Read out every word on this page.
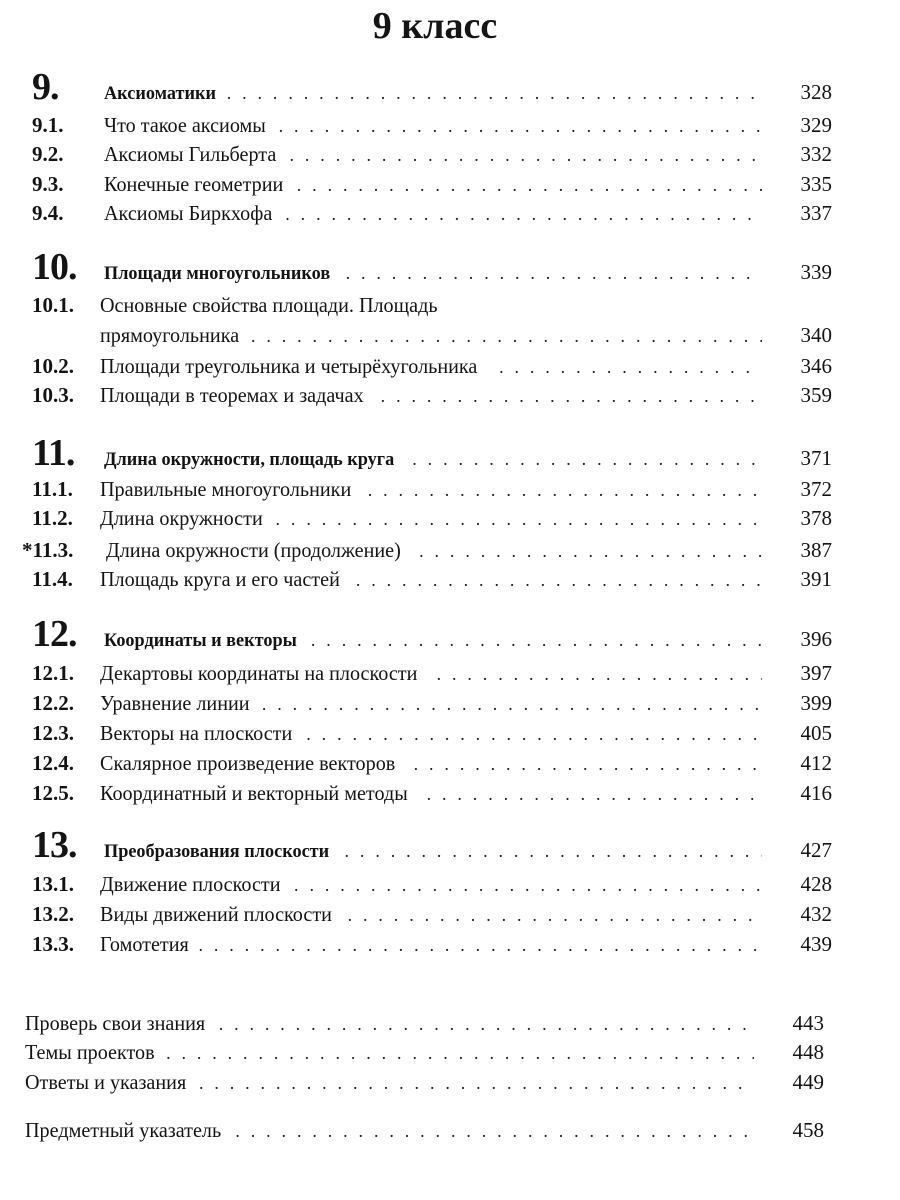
9 класс
9.	Аксиоматики . . .	328
9.1.	Что такое аксиомы . . .	329
9.2.	Аксиомы Гильберта . . .	332
9.3.	Конечные геометрии . . .	335
9.4.	Аксиомы Биркхофа . . .	337
10.	Площади многоугольников . . .	339
10.1.	Основные свойства площади. Площадь
прямоугольника . . .	340
10.2.	Площади треугольника и четырёхугольника . . .	346
10.3.	Площади в теоремах и задачах . . .	359
11.	Длина окружности, площадь круга . . .	371
11.1.	Правильные многоугольники . . .	372
11.2.	Длина окружности . . .	378
*11.3.	Длина окружности (продолжение) . . .	387
11.4.	Площадь круга и его частей . . .	391
12.	Координаты и векторы . . .	396
12.1.	Декартовы координаты на плоскости . . .	397
12.2.	Уравнение линии . . .	399
12.3.	Векторы на плоскости . . .	405
12.4.	Скалярное произведение векторов . . .	412
12.5.	Координатный и векторный методы . . .	416
13.	Преобразования плоскости . . .	427
13.1.	Движение плоскости . . .	428
13.2.	Виды движений плоскости . . .	432
13.3.	Гомотетия . . .	439
Проверь свои знания . . .	443
Темы проектов . . .	448
Ответы и указания . . .	449
Предметный указатель . . .	458
